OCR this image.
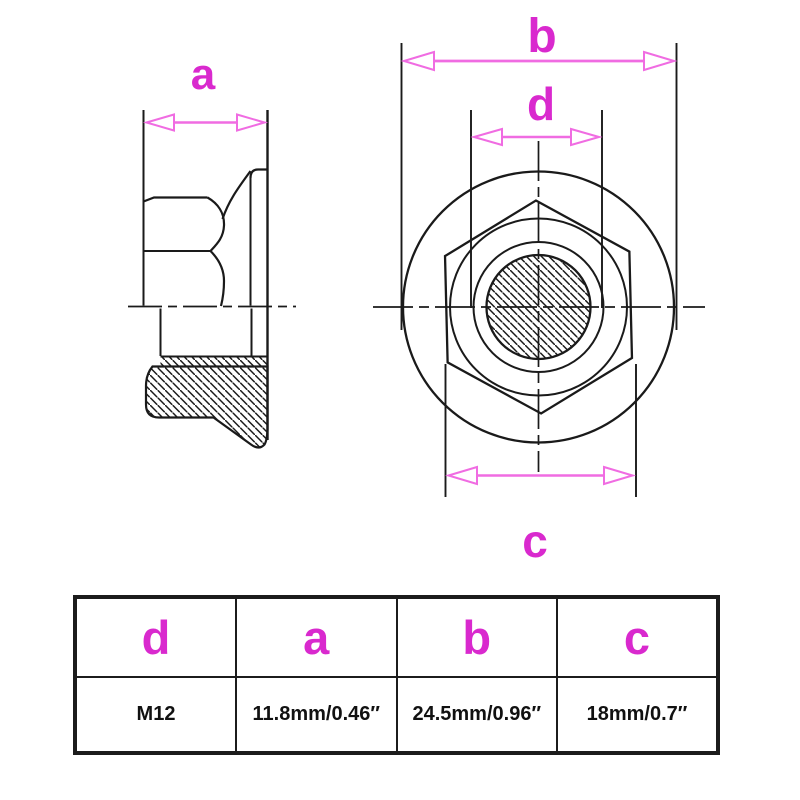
a
b
d
c
d	a	b	c
M12	11.8mm/0.46″	24.5mm/0.96″	18mm/0.7″
